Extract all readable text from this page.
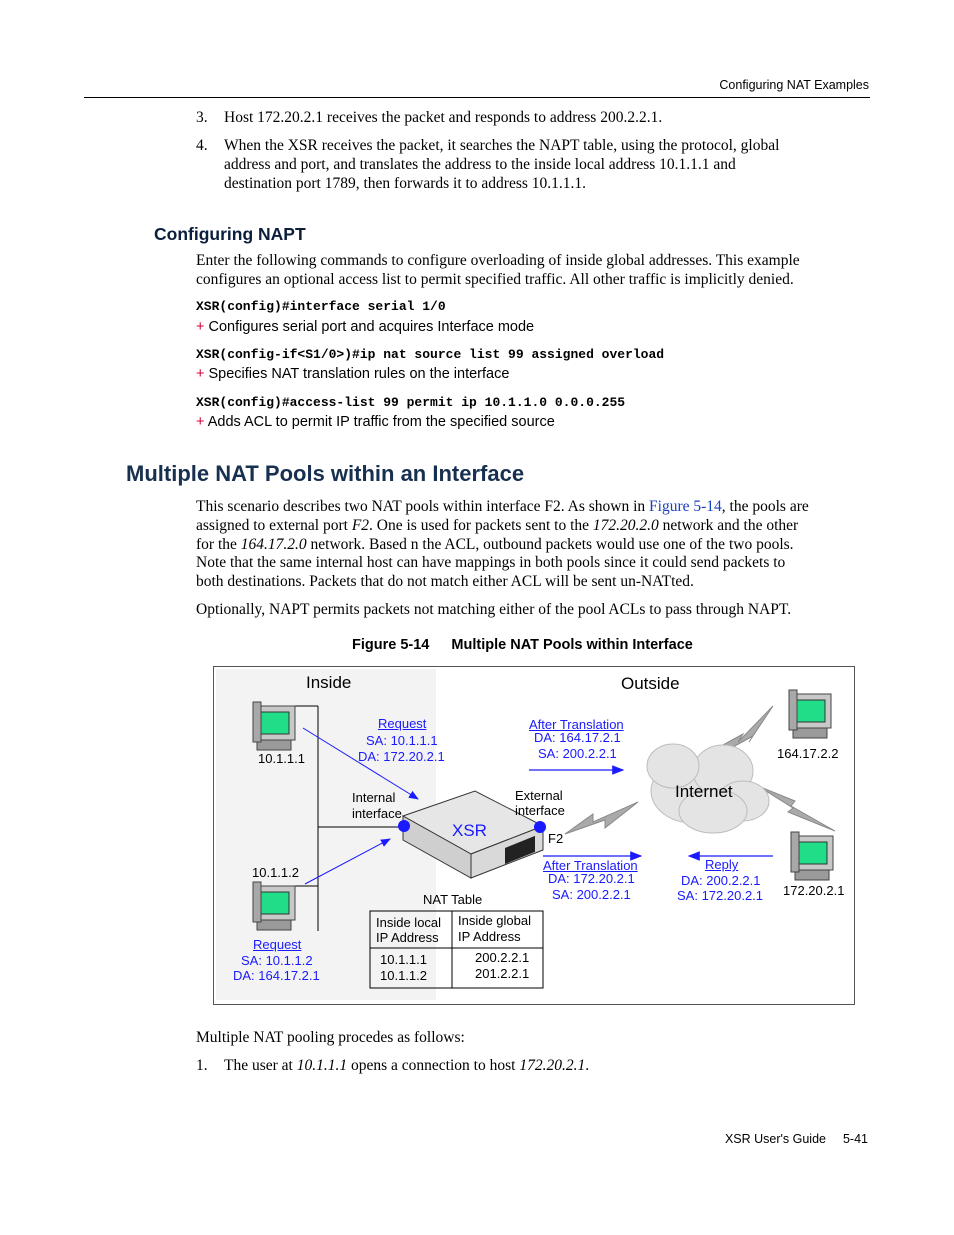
Configuring NAT Examples
3. Host 172.20.2.1 receives the packet and responds to address 200.2.2.1.
4. When the XSR receives the packet, it searches the NAPT table, using the protocol, global
address and port, and translates the address to the inside local address 10.1.1.1 and
destination port 1789, then forwards it to address 10.1.1.1.
Configuring NAPT
Enter the following commands to configure overloading of inside global addresses. This example
configures an optional access list to permit specified traffic. All other traffic is implicitly denied.
XSR(config)#interface serial 1/0
+ Configures serial port and acquires Interface mode
XSR(config-if<S1/0>)#ip nat source list 99 assigned overload
+ Specifies NAT translation rules on the interface
XSR(config)#access-list 99 permit ip 10.1.1.0 0.0.0.255
+ Adds ACL to permit IP traffic from the specified source
Multiple NAT Pools within an Interface
This scenario describes two NAT pools within interface F2. As shown in Figure 5-14, the pools are
assigned to external port F2. One is used for packets sent to the 172.20.2.0 network and the other
for the 164.17.2.0 network. Based n the ACL, outbound packets would use one of the two pools.
Note that the same internal host can have mappings in both pools since it could send packets to
both destinations. Packets that do not match either ACL will be sent un-NATted.
Optionally, NAPT permits packets not matching either of the pool ACLs to pass through NAPT.
Figure 5-14 Multiple NAT Pools within Interface
Inside	Outside
Internet
XSR
10.1.1.1
10.1.1.2
164.17.2.2
172.20.2.1
Internal
interface
External
interface
F2
Request
SA: 10.1.1.1
DA: 172.20.2.1
Request
SA: 10.1.1.2
DA: 164.17.2.1
After Translation
DA: 164.17.2.1
SA: 200.2.2.1
After Translation
DA: 172.20.2.1
SA: 200.2.2.1
Reply
DA: 200.2.2.1
SA: 172.20.2.1
NAT Table
Inside local
IP Address
Inside global
IP Address
10.1.1.1
10.1.1.2
200.2.2.1
201.2.2.1
Multiple NAT pooling procedes as follows:
1. The user at 10.1.1.1 opens a connection to host 172.20.2.1.
XSR User's Guide 5-41
